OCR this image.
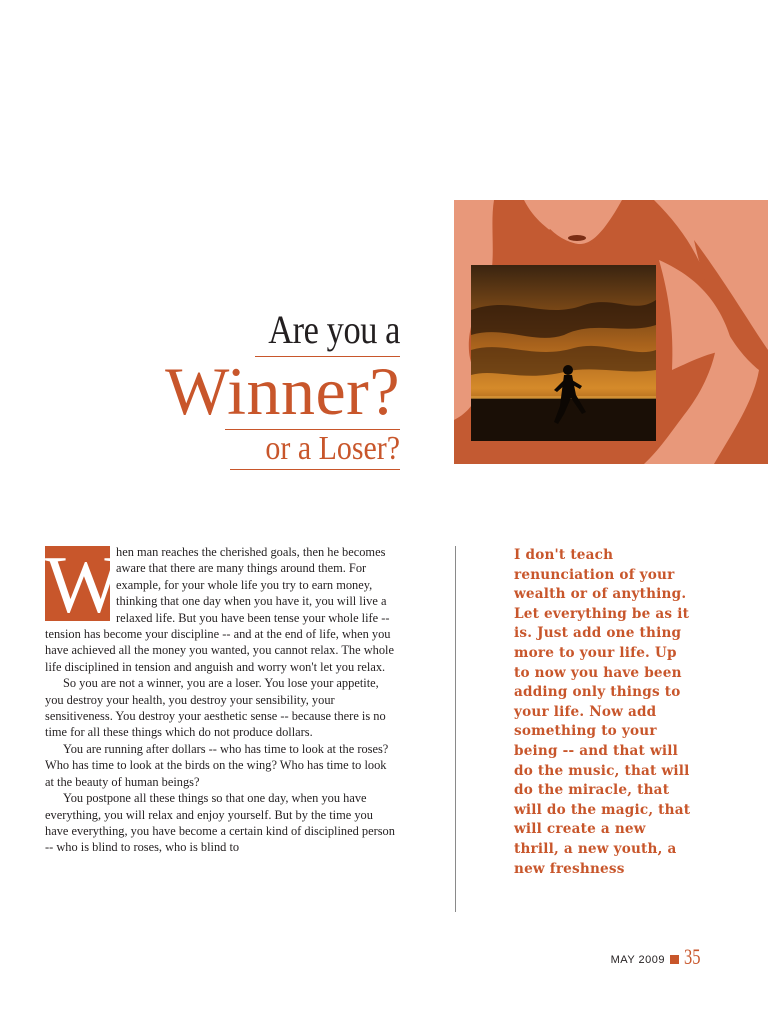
Are you a
Winner?
or a Loser?
W

hen man reaches the cherished goals, then he becomes aware that there are many things around them. For example, for your whole life you try to earn money, thinking that one day when you have it, you will live a relaxed life. But you have been tense your whole life -- tension has become your discipline -- and at the end of life, when you have achieved all the money you wanted, you cannot relax. The whole life disciplined in tension and anguish and worry won't let you relax.

So you are not a winner, you are a loser. You lose your appetite, you destroy your health, you destroy your sensibility, your sensitiveness. You destroy your aesthetic sense -- because there is no time for all these things which do not produce dollars.

You are running after dollars -- who has time to look at the roses? Who has time to look at the birds on the wing? Who has time to look at the beauty of human beings?

You postpone all these things so that one day, when you have everything, you will relax and enjoy yourself. But by the time you have everything, you have become a certain kind of disciplined person -- who is blind to roses, who is blind to

I don't teach renunciation of your wealth or of anything. Let everything be as it is. Just add one thing more to your life. Up to now you have been adding only things to your life. Now add something to your being -- and that will do the music, that will do the miracle, that will do the magic, that will create a new thrill, a new youth, a new freshness
MAY 2009 35
